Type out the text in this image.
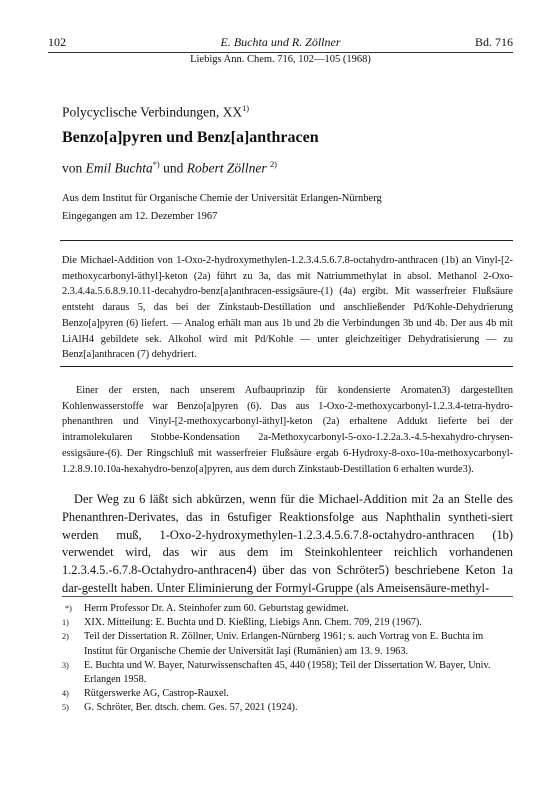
102	E. Buchta und R. Zöllner	Bd. 716
Liebigs Ann. Chem. 716, 102—105 (1968)
Polycyclische Verbindungen, XX$^{1)}$
Benzo[a]pyren und Benz[a]anthracen
von Emil Buchta*) und Robert Zöllner $^{2)}$
Aus dem Institut für Organische Chemie der Universität Erlangen-Nürnberg
Eingegangen am 12. Dezember 1967
Die Michael-Addition von 1-Oxo-2-hydroxymethylen-1.2.3.4.5.6.7.8-octahydro-anthracen (1b) an Vinyl-[2-methoxycarbonyl-äthyl]-keton (2a) führt zu 3a, das mit Natriummethylat in absol. Methanol 2-Oxo-2.3.4.4a.5.6.8.9.10.11-decahydro-benz[a]anthracen-essigsäure-(1) (4a) ergibt. Mit wasserfreier Flußsäure entsteht daraus 5, das bei der Zinkstaub-Destillation und anschließender Pd/Kohle-Dehydrierung Benzo[a]pyren (6) liefert. — Analog erhält man aus 1b und 2b die Verbindungen 3b und 4b. Der aus 4b mit LiAlH4 gebildete sek. Alkohol wird mit Pd/Kohle — unter gleichzeitiger Dehydratisierung — zu Benz[a]anthracen (7) dehydriert.

Einer der ersten, nach unserem Aufbauprinzip für kondensierte Aromaten3) dargestellten Kohlenwasserstoffe war Benzo[a]pyren (6). Das aus 1-Oxo-2-methoxycarbonyl-1.2.3.4-tetra-hydro-phenanthren und Vinyl-[2-methoxycarbonyl-äthyl]-keton (2a) erhaltene Addukt lieferte bei der intramolekularen Stobbe-Kondensation 2a-Methoxycarbonyl-5-oxo-1.2.2a.3.-4.5-hexahydro-chrysen-essigsäure-(6). Der Ringschluß mit wasserfreier Flußsäure ergab 6-Hydroxy-8-oxo-10a-methoxycarbonyl-1.2.8.9.10.10a-hexahydro-benzo[a]pyren, aus dem durch Zinkstaub-Destillation 6 erhalten wurde3).

Der Weg zu 6 läßt sich abkürzen, wenn für die Michael-Addition mit 2a an Stelle des Phenanthren-Derivates, das in 6stufiger Reaktionsfolge aus Naphthalin syntheti-siert werden muß, 1-Oxo-2-hydroxymethylen-1.2.3.4.5.6.7.8-octahydro-anthracen (1b) verwendet wird, das wir aus dem im Steinkohlenteer reichlich vorhandenen 1.2.3.4.5.-6.7.8-Octahydro-anthracen4) über das von Schröter5) beschriebene Keton 1a dar-gestellt haben. Unter Eliminierung der Formyl-Gruppe (als Ameisensäure-methyl-

*) Herrn Professor Dr. A. Steinhofer zum 60. Geburtstag gewidmet.
1) XIX. Mitteilung: E. Buchta und D. Kießling, Liebigs Ann. Chem. 709, 219 (1967).
2) Teil der Dissertation R. Zöllner, Univ. Erlangen-Nürnberg 1961; s. auch Vortrag von E. Buchta im Institut für Organische Chemie der Universität Iaşi (Rumänien) am 13. 9. 1963.
3) E. Buchta und W. Bayer, Naturwissenschaften 45, 440 (1958); Teil der Dissertation W. Bayer, Univ. Erlangen 1958.
4) Rütgerswerke AG, Castrop-Rauxel.
5) G. Schröter, Ber. dtsch. chem. Ges. 57, 2021 (1924).
